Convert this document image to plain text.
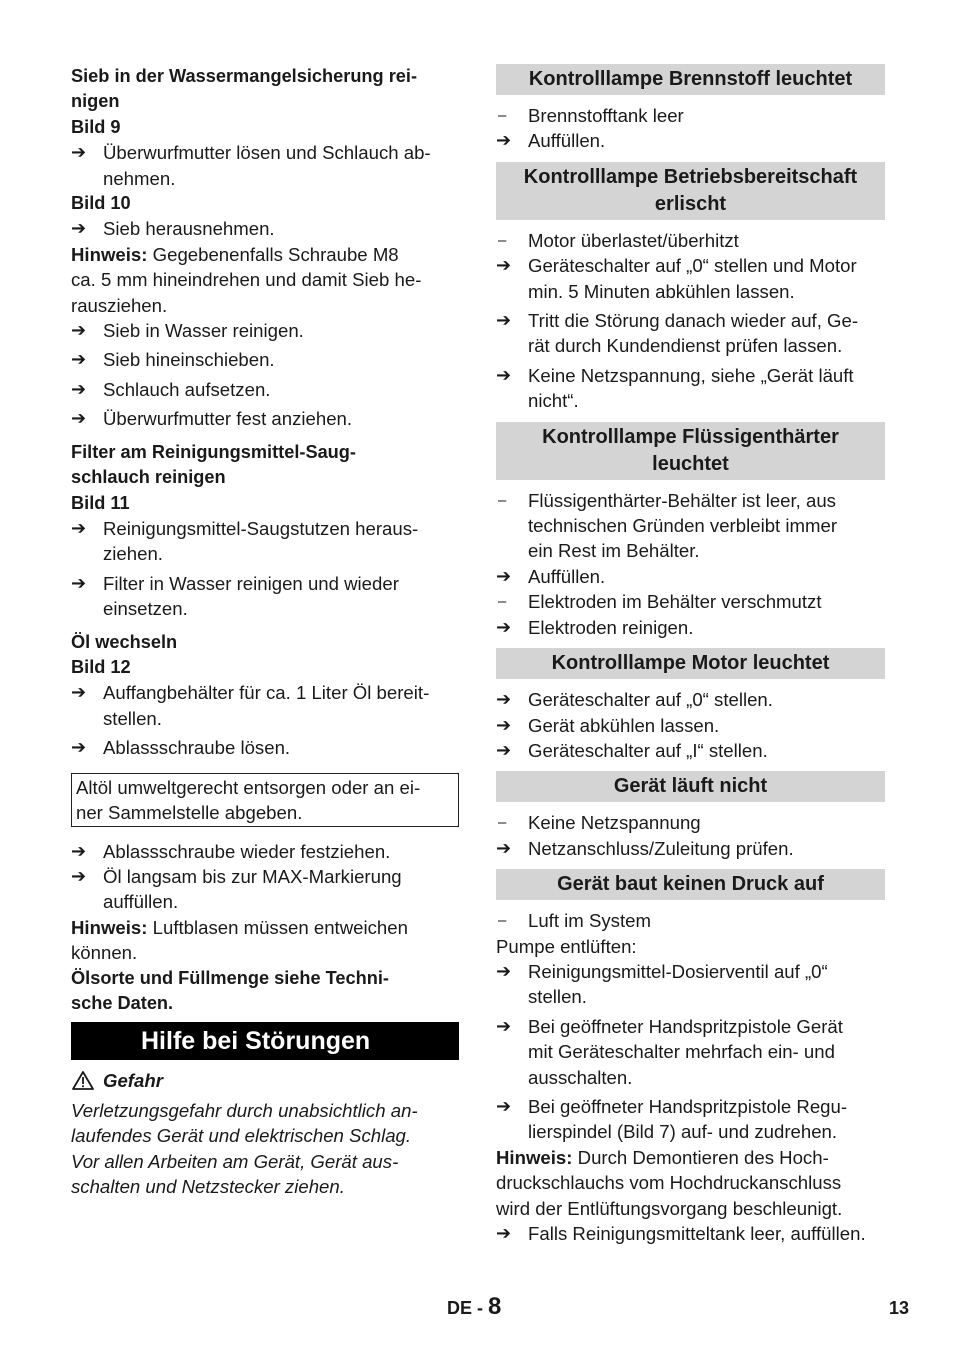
Sieb in der Wassermangelsicherung rei-
nigen

Bild 9

➔ Überwurfmutter lösen und Schlauch ab-
nehmen.

Bild 10

➔ Sieb herausnehmen.

Hinweis: Gegebenenfalls Schraube M8
ca. 5 mm hineindrehen und damit Sieb he-
rausziehen.

➔ Sieb in Wasser reinigen.

➔ Sieb hineinschieben.

➔ Schlauch aufsetzen.

➔ Überwurfmutter fest anziehen.

Filter am Reinigungsmittel-Saug-
schlauch reinigen

Bild 11

➔ Reinigungsmittel-Saugstutzen heraus-
ziehen.

➔ Filter in Wasser reinigen und wieder
einsetzen.

Öl wechseln

Bild 12

➔ Auffangbehälter für ca. 1 Liter Öl bereit-
stellen.

➔ Ablassschraube lösen.

Altöl umweltgerecht entsorgen oder an ei-
ner Sammelstelle abgeben.

➔ Ablassschraube wieder festziehen.

➔ Öl langsam bis zur MAX-Markierung
auffüllen.

Hinweis: Luftblasen müssen entweichen
können.

Ölsorte und Füllmenge siehe Techni-
sche Daten.

Hilfe bei Störungen
Gefahr

Verletzungsgefahr durch unabsichtlich an-
laufendes Gerät und elektrischen Schlag.
Vor allen Arbeiten am Gerät, Gerät aus-
schalten und Netzstecker ziehen.

Kontrolllampe Brennstoff leuchtet

– Brennstofftank leer

➔ Auffüllen.

Kontrolllampe Betriebsbereitschaft
erlischt

– Motor überlastet/überhitzt

➔ Geräteschalter auf „0“ stellen und Motor
min. 5 Minuten abkühlen lassen.

➔ Tritt die Störung danach wieder auf, Ge-
rät durch Kundendienst prüfen lassen.

➔ Keine Netzspannung, siehe „Gerät läuft
nicht“.

Kontrolllampe Flüssigenthärter
leuchtet

– Flüssigenthärter-Behälter ist leer, aus
technischen Gründen verbleibt immer
ein Rest im Behälter.

➔ Auffüllen.

– Elektroden im Behälter verschmutzt

➔ Elektroden reinigen.

Kontrolllampe Motor leuchtet

➔ Geräteschalter auf „0“ stellen.

➔ Gerät abkühlen lassen.

➔ Geräteschalter auf „I“ stellen.

Gerät läuft nicht

– Keine Netzspannung

➔ Netzanschluss/Zuleitung prüfen.

Gerät baut keinen Druck auf

– Luft im System

Pumpe entlüften:

➔ Reinigungsmittel-Dosierventil auf „0“
stellen.

➔ Bei geöffneter Handspritzpistole Gerät
mit Geräteschalter mehrfach ein- und
ausschalten.

➔ Bei geöffneter Handspritzpistole Regu-
lierspindel (Bild 7) auf- und zudrehen.

Hinweis: Durch Demontieren des Hoch-
druckschlauchs vom Hochdruckanschluss
wird der Entlüftungsvorgang beschleunigt.

➔ Falls Reinigungsmitteltank leer, auffüllen.

DE - 8	13
